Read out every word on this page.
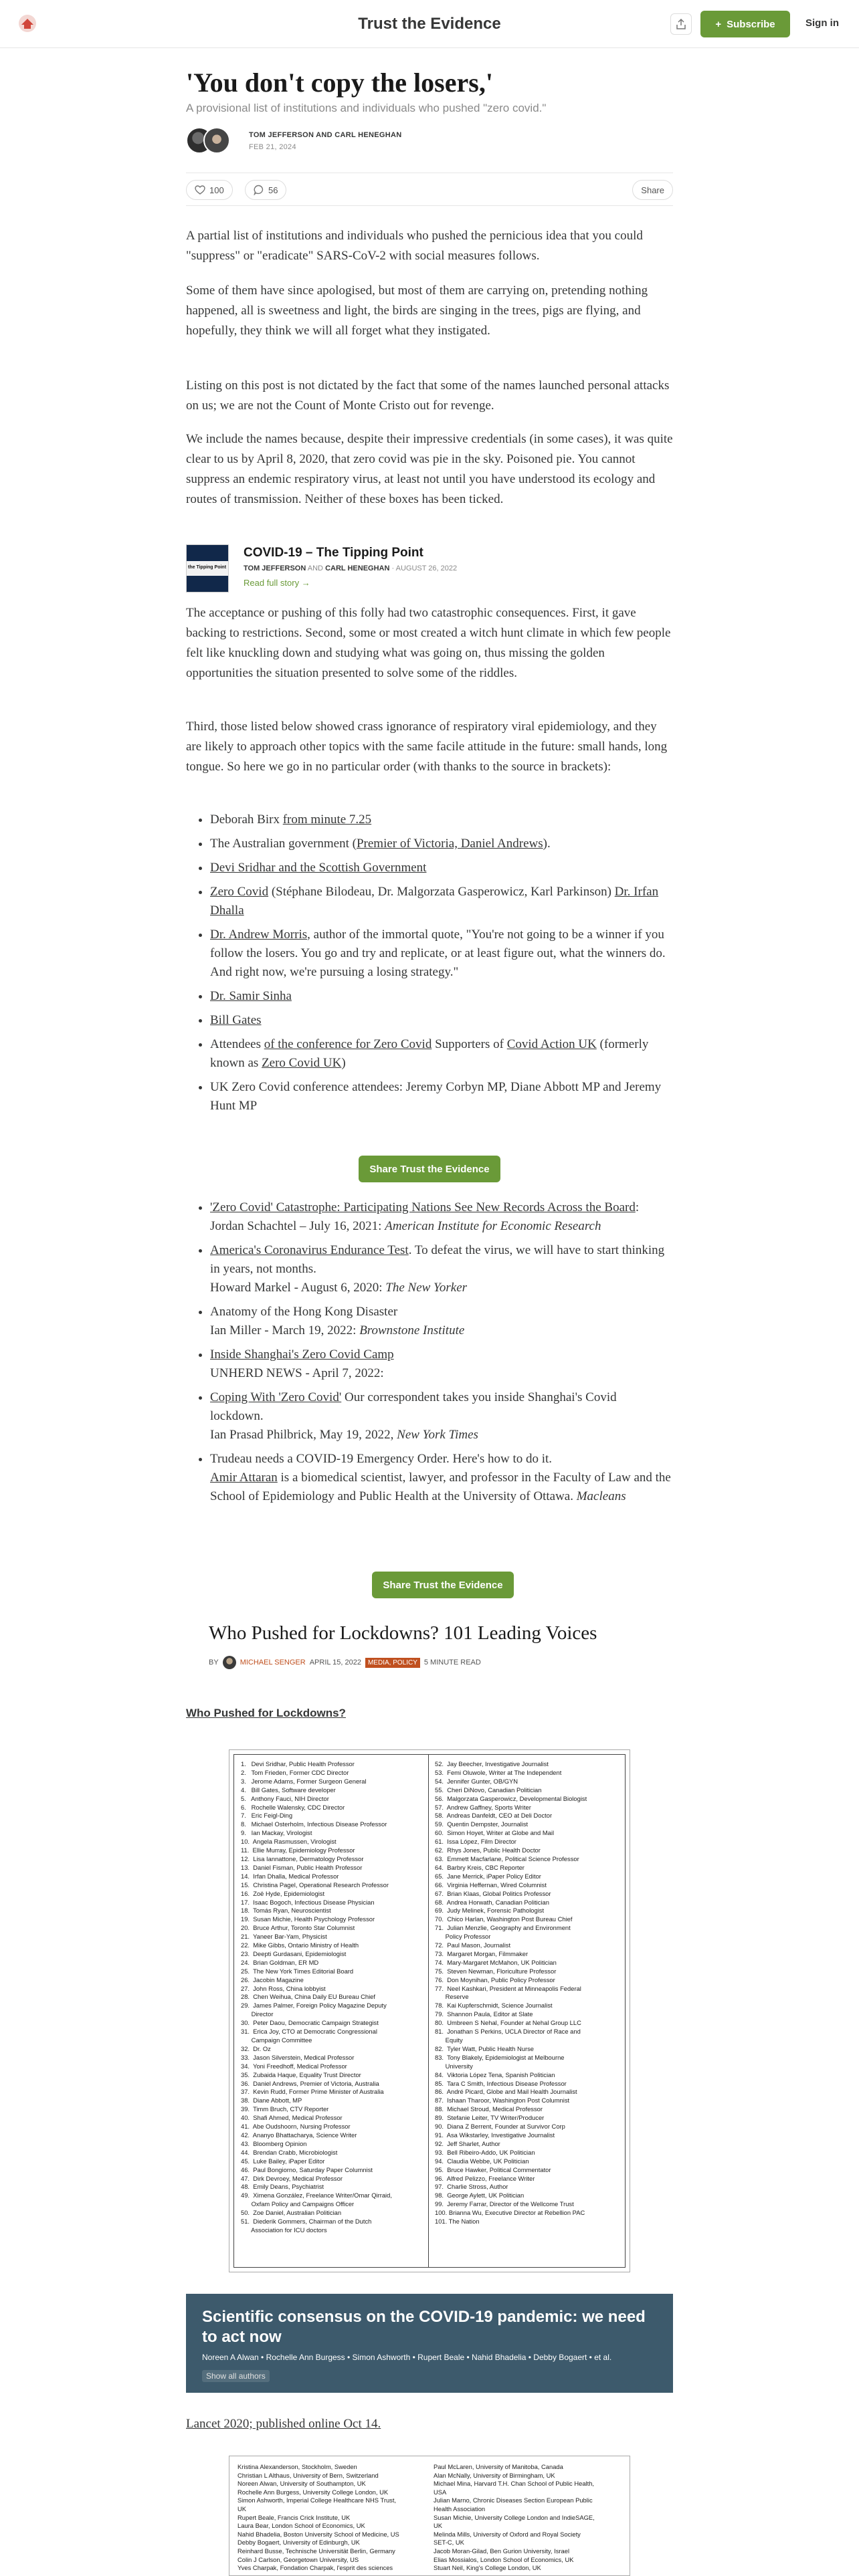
Trust the Evidence	+ Subscribe	Sign in
'You don't copy the losers,'
A provisional list of institutions and individuals who pushed "zero covid."
TOM JEFFERSON AND CARL HENEGHAN
FEB 21, 2024
100	56	Share

A partial list of institutions and individuals who pushed the pernicious idea that you could "suppress" or "eradicate" SARS-CoV-2 with social measures follows.

Some of them have since apologised, but most of them are carrying on, pretending nothing happened, all is sweetness and light, the birds are singing in the trees, pigs are flying, and hopefully, they think we will all forget what they instigated.

Listing on this post is not dictated by the fact that some of the names launched personal attacks on us; we are not the Count of Monte Cristo out for revenge.

We include the names because, despite their impressive credentials (in some cases), it was quite clear to us by April 8, 2020, that zero covid was pie in the sky. Poisoned pie. You cannot suppress an endemic respiratory virus, at least not until you have understood its ecology and routes of transmission. Neither of these boxes has been ticked.

the Tipping Point
COVID-19 – The Tipping Point
TOM JEFFERSON AND CARL HENEGHAN · AUGUST 26, 2022
Read full story →

The acceptance or pushing of this folly had two catastrophic consequences. First, it gave backing to restrictions. Second, some or most created a witch hunt climate in which few people felt like knuckling down and studying what was going on, thus missing the golden opportunities the situation presented to solve some of the riddles.

Third, those listed below showed crass ignorance of respiratory viral epidemiology, and they are likely to approach other topics with the same facile attitude in the future: small hands, long tongue. So here we go in no particular order (with thanks to the source in brackets):

• Deborah Birx from minute 7.25
• The Australian government (Premier of Victoria, Daniel Andrews).
• Devi Sridhar and the Scottish Government
• Zero Covid (Stéphane Bilodeau, Dr. Malgorzata Gasperowicz, Karl Parkinson) Dr. Irfan Dhalla
• Dr. Andrew Morris, author of the immortal quote, "You're not going to be a winner if you follow the losers. You go and try and replicate, or at least figure out, what the winners do. And right now, we're pursuing a losing strategy."
• Dr. Samir Sinha
• Bill Gates
• Attendees of the conference for Zero Covid Supporters of Covid Action UK (formerly known as Zero Covid UK)
• UK Zero Covid conference attendees: Jeremy Corbyn MP, Diane Abbott MP and Jeremy Hunt MP
Share Trust the Evidence
• 'Zero Covid' Catastrophe: Participating Nations See New Records Across the Board:
Jordan Schachtel – July 16, 2021: American Institute for Economic Research
• America's Coronavirus Endurance Test. To defeat the virus, we will have to start thinking in years, not months.
Howard Markel - August 6, 2020: The New Yorker
• Anatomy of the Hong Kong Disaster
Ian Miller - March 19, 2022: Brownstone Institute
• Inside Shanghai's Zero Covid Camp
UNHERD NEWS - April 7, 2022:
• Coping With 'Zero Covid' Our correspondent takes you inside Shanghai's Covid lockdown.
Ian Prasad Philbrick, May 19, 2022, New York Times
• Trudeau needs a COVID-19 Emergency Order. Here's how to do it.
Amir Attaran is a biomedical scientist, lawyer, and professor in the Faculty of Law and the School of Epidemiology and Public Health at the University of Ottawa. Macleans
Share Trust the Evidence
Who Pushed for Lockdowns? 101 Leading Voices
BY	MICHAEL SENGER APRIL 15, 2022	MEDIA, POLICY 5 MINUTE READ
Who Pushed for Lockdowns?
1.   Devi Sridhar, Public Health Professor
2.   Tom Frieden, Former CDC Director
3.   Jerome Adams, Former Surgeon General
4.   Bill Gates, Software developer
5.   Anthony Fauci, NIH Director
6.   Rochelle Walensky, CDC Director
7.   Eric Feigl-Ding
8.   Michael Osterholm, Infectious Disease Professor
9.   Ian Mackay, Virologist
10.  Angela Rasmussen, Virologist
11.  Ellie Murray, Epidemiology Professor
12.  Lisa Iannattone, Dermatology Professor
13.  Daniel Fisman, Public Health Professor
14.  Irfan Dhalla, Medical Professor
15.  Christina Pagel, Operational Research Professor
16.  Zoë Hyde, Epidemiologist
17.  Isaac Bogoch, Infectious Disease Physician
18.  Tomás Ryan, Neuroscientist
19.  Susan Michie, Health Psychology Professor
20.  Bruce Arthur, Toronto Star Columnist
21.  Yaneer Bar-Yam, Physicist
22.  Mike Gibbs, Ontario Ministry of Health
23.  Deepti Gurdasani, Epidemiologist
24.  Brian Goldman, ER MD
25.  The New York Times Editorial Board
26.  Jacobin Magazine
27.  John Ross, China lobbyist
28.  Chen Weihua, China Daily EU Bureau Chief
29.  James Palmer, Foreign Policy Magazine Deputy
Director
30.  Peter Daou, Democratic Campaign Strategist
31.  Erica Joy, CTO at Democratic Congressional
Campaign Committee
32.  Dr. Oz
33.  Jason Silverstein, Medical Professor
34.  Yoni Freedhoff, Medical Professor
35.  Zubaida Haque, Equality Trust Director
36.  Daniel Andrews, Premier of Victoria, Australia
37.  Kevin Rudd, Former Prime Minister of Australia
38.  Diane Abbott, MP
39.  Timm Bruch, CTV Reporter
40.  Shafi Ahmed, Medical Professor
41.  Abe Oudshoorn, Nursing Professor
42.  Ananyo Bhattacharya, Science Writer
43.  Bloomberg Opinion
44.  Brendan Crabb, Microbiologist
45.  Luke Bailey, iPaper Editor
46.  Paul Bongiorno, Saturday Paper Columnist
47.  Dirk Devroey, Medical Professor
48.  Emily Deans, Psychiatrist
49.  Ximena González, Freelance Writer/Omar Qirraid,
Oxfam Policy and Campaigns Officer
50.  Zoe Daniel, Australian Politician
51.  Diederik Gommers, Chairman of the Dutch
Association for ICU doctors
52.  Jay Beecher, Investigative Journalist
53.  Femi Oluwole, Writer at The Independent
54.  Jennifer Gunter, OB/GYN
55.  Cheri DiNovo, Canadian Politician
56.  Malgorzata Gasperowicz, Developmental Biologist
57.  Andrew Gaffney, Sports Writer
58.  Andreas Danfeldt, CEO at Deli Doctor
59.  Quentin Dempster, Journalist
60.  Simon Hoyet, Writer at Globe and Mail
61.  Issa López, Film Director
62.  Rhys Jones, Public Health Doctor
63.  Emmett Macfarlane, Political Science Professor
64.  Barbry Kreis, CBC Reporter
65.  Jane Merrick, iPaper Policy Editor
66.  Virginia Heffernan, Wired Columnist
67.  Brian Klaas, Global Politics Professor
68.  Andrea Horwath, Canadian Politician
69.  Judy Melinek, Forensic Pathologist
70.  Chico Harlan, Washington Post Bureau Chief
71.  Julian Menzlie, Geography and Environment
Policy Professor
72.  Paul Mason, Journalist
73.  Margaret Morgan, Filmmaker
74.  Mary-Margaret McMahon, UK Politician
75.  Steven Newman, Floriculture Professor
76.  Don Moynihan, Public Policy Professor
77.  Neel Kashkari, President at Minneapolis Federal
Reserve
78.  Kai Kupferschmidt, Science Journalist
79.  Shannon Paula, Editor at Slate
80.  Umbreen S Nehal, Founder at Nehal Group LLC
81.  Jonathan S Perkins, UCLA Director of Race and
Equity
82.  Tyler Watt, Public Health Nurse
83.  Tony Blakely, Epidemiologist at Melbourne
University
84.  Viktoria López Tena, Spanish Politician
85.  Tara C Smith, Infectious Disease Professor
86.  André Picard, Globe and Mail Health Journalist
87.  Ishaan Tharoor, Washington Post Columnist
88.  Michael Stroud, Medical Professor
89.  Stefanie Leiter, TV Writer/Producer
90.  Diana Z Berrent, Founder at Survivor Corp
91.  Asa Wikstarley, Investigative Journalist
92.  Jeff Sharlet, Author
93.  Bell Ribeiro-Addo, UK Politician
94.  Claudia Webbe, UK Politician
95.  Bruce Hawker, Political Commentator
96.  Alfred Pelizzo, Freelance Writer
97.  Charlie Stross, Author
98.  George Aylett, UK Politician
99.  Jeremy Farrar, Director of the Wellcome Trust
100. Brianna Wu, Executive Director at Rebellion PAC
101. The Nation
Scientific consensus on the COVID-19 pandemic: we need to act now
Noreen A Alwan • Rochelle Ann Burgess • Simon Ashworth • Rupert Beale • Nahid Bhadelia • Debby Bogaert • et al.
Show all authors
Lancet 2020; published online Oct 14.
Kristina Alexanderson, Stockholm, Sweden
Christian L Althaus, University of Bern, Switzerland
Noreen Alwan, University of Southampton, UK
Rochelle Ann Burgess, University College London, UK
Simon Ashworth, Imperial College Healthcare NHS Trust,
UK
Rupert Beale, Francis Crick Institute, UK
Laura Bear, London School of Economics, UK
Nahid Bhadelia, Boston University School of Medicine, US
Debby Bogaert, University of Edinburgh, UK
Reinhard Busse, Technische Universität Berlin, Germany
Colin J Carlson, Georgetown University, US
Yves Charpak, Fondation Charpak, l'esprit des sciences
Paul McLaren, University of Manitoba, Canada
Alan McNally, University of Birmingham, UK
Michael Mina, Harvard T.H. Chan School of Public Health,
USA
Julian Marno, Chronic Diseases Section European Public
Health Association
Susan Michie, University College London and IndieSAGE,
UK
Melinda Mills, University of Oxford and Royal Society
SET-C, UK
Jacob Moran-Gilad, Ben Gurion University, Israel
Elias Mossialos, London School of Economics, UK
Stuart Neil, King's College London, UK
